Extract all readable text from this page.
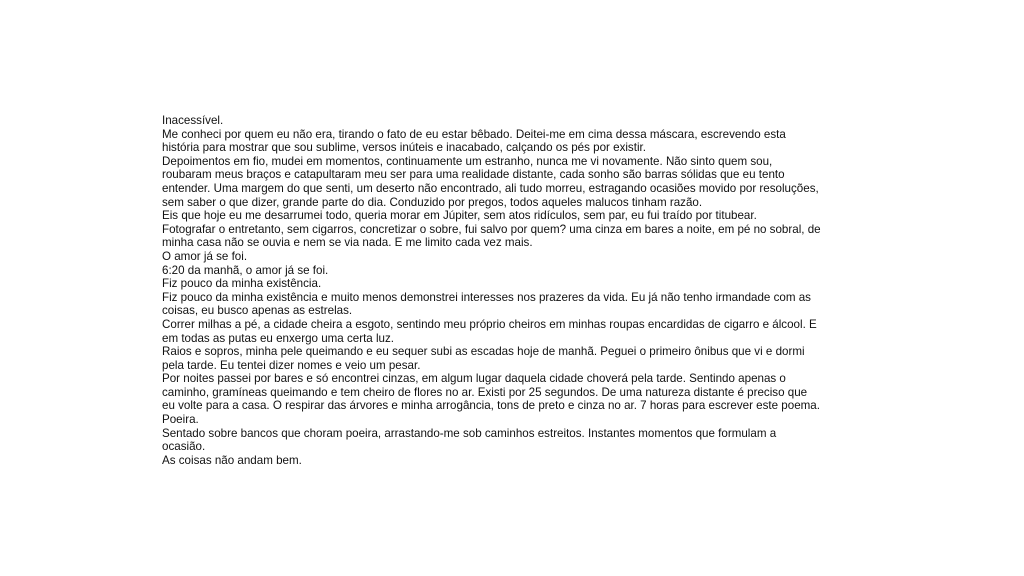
Inacessível.

Me conheci por quem eu não era, tirando o fato de eu estar bêbado. Deitei-me em cima dessa máscara, escrevendo esta história para mostrar que sou sublime, versos inúteis e inacabado, calçando os pés por existir.

Depoimentos em fio, mudei em momentos, continuamente um estranho, nunca me vi novamente. Não sinto quem sou, roubaram meus braços e catapultaram meu ser para uma realidade distante, cada sonho são barras sólidas que eu tento entender. Uma margem do que senti, um deserto não encontrado, ali tudo morreu, estragando ocasiões movido por resoluções, sem saber o que dizer, grande parte do dia. Conduzido por pregos, todos aqueles malucos tinham razão.

Eis que hoje eu me desarrumei todo, queria morar em Júpiter, sem atos ridículos, sem par, eu fui traído por titubear.

Fotografar o entretanto, sem cigarros, concretizar o sobre, fui salvo por quem? uma cinza em bares a noite, em pé no sobral, de minha casa não se ouvia e nem se via nada. E me limito cada vez mais.

O amor já se foi.

6:20 da manhã, o amor já se foi.

Fiz pouco da minha existência.

Fiz pouco da minha existência e muito menos demonstrei interesses nos prazeres da vida. Eu já não tenho irmandade com as coisas, eu busco apenas as estrelas.

Correr milhas a pé, a cidade cheira a esgoto, sentindo meu próprio cheiros em minhas roupas encardidas de cigarro e álcool. E em todas as putas eu enxergo uma certa luz.

Raios e sopros, minha pele queimando e eu sequer subi as escadas hoje de manhã. Peguei o primeiro ônibus que vi e dormi pela tarde. Eu tentei dizer nomes e veio um pesar.

Por noites passei por bares e só encontrei cinzas, em algum lugar daquela cidade choverá pela tarde. Sentindo apenas o caminho, gramíneas queimando e tem cheiro de flores no ar. Existi por 25 segundos. De uma natureza distante é preciso que eu volte para a casa. O respirar das árvores e minha arrogância, tons de preto e cinza no ar. 7 horas para escrever este poema.

Poeira.

Sentado sobre bancos que choram poeira, arrastando-me sob caminhos estreitos. Instantes momentos que formulam a ocasião.

As coisas não andam bem.
